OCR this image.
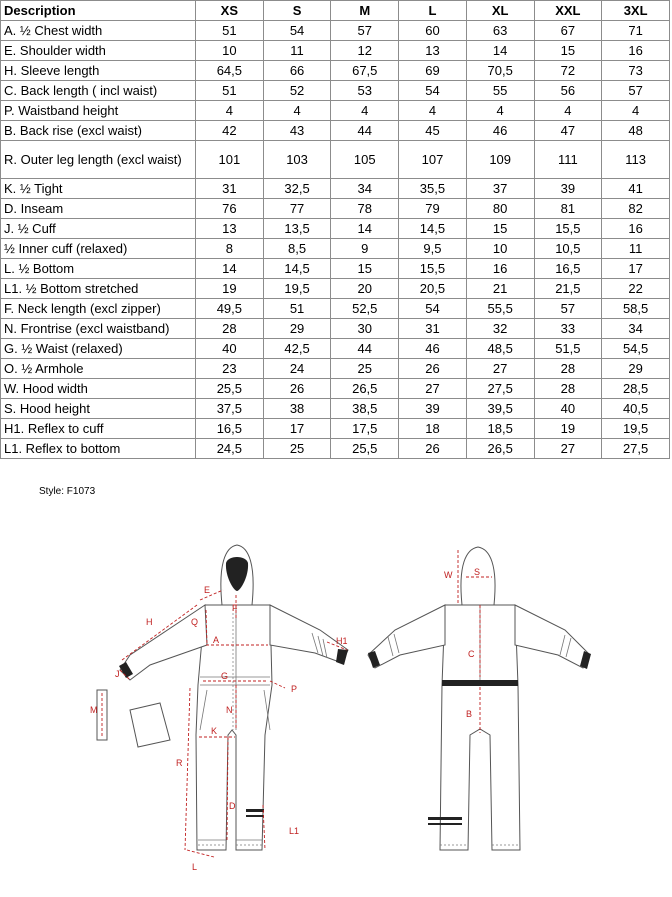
Description	XS	S	M	L	XL	XXL	3XL
A. ½ Chest width	51	54	57	60	63	67	71
E. Shoulder width	10	11	12	13	14	15	16
H. Sleeve length	64,5	66	67,5	69	70,5	72	73
C. Back length ( incl waist)	51	52	53	54	55	56	57
P. Waistband height	4	4	4	4	4	4	4
B. Back rise (excl waist)	42	43	44	45	46	47	48
R. Outer leg length (excl waist)	101	103	105	107	109	111	113
K. ½ Tight	31	32,5	34	35,5	37	39	41
D. Inseam	76	77	78	79	80	81	82
J. ½ Cuff	13	13,5	14	14,5	15	15,5	16
½ Inner cuff (relaxed)	8	8,5	9	9,5	10	10,5	11
L. ½ Bottom	14	14,5	15	15,5	16	16,5	17
L1. ½ Bottom stretched	19	19,5	20	20,5	21	21,5	22
F. Neck length (excl zipper)	49,5	51	52,5	54	55,5	57	58,5
N. Frontrise (excl waistband)	28	29	30	31	32	33	34
G. ½ Waist (relaxed)	40	42,5	44	46	48,5	51,5	54,5
O. ½ Armhole	23	24	25	26	27	28	29
W. Hood width	25,5	26	26,5	27	27,5	28	28,5
S. Hood height	37,5	38	38,5	39	39,5	40	40,5
H1. Reflex to cuff	16,5	17	17,5	18	18,5	19	19,5
L1. Reflex to bottom	24,5	25	25,5	26	26,5	27	27,5
Style: F1073
E
F
H	Q
A	H1
J	G
P
M	N
K
R
D
L1
L
W S
C
B
